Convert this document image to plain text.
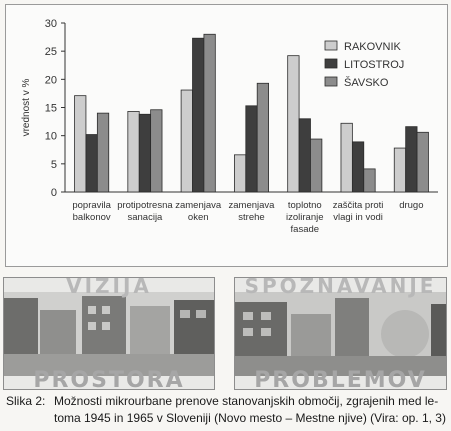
0
5
10
15
20
25
30
vrednost v %
popravila
balkonov
protipotresna
sanacija
zamenjava
oken
zamenjava
strehe
toplotno
izoliranje
fasade
zaščita proti
vlagi in vodi
drugo
RAKOVNIK
LITOSTROJ
ŠAVSKO
VIZIJA
PROSTORA
SPOZNAVANJE
PROBLEMOV
Slika 2: Možnosti mikrourbane prenove stanovanjskih območij, zgrajenih med le-
toma 1945 in 1965 v Sloveniji (Novo mesto – Mestne njive) (Vira: op. 1, 3)
